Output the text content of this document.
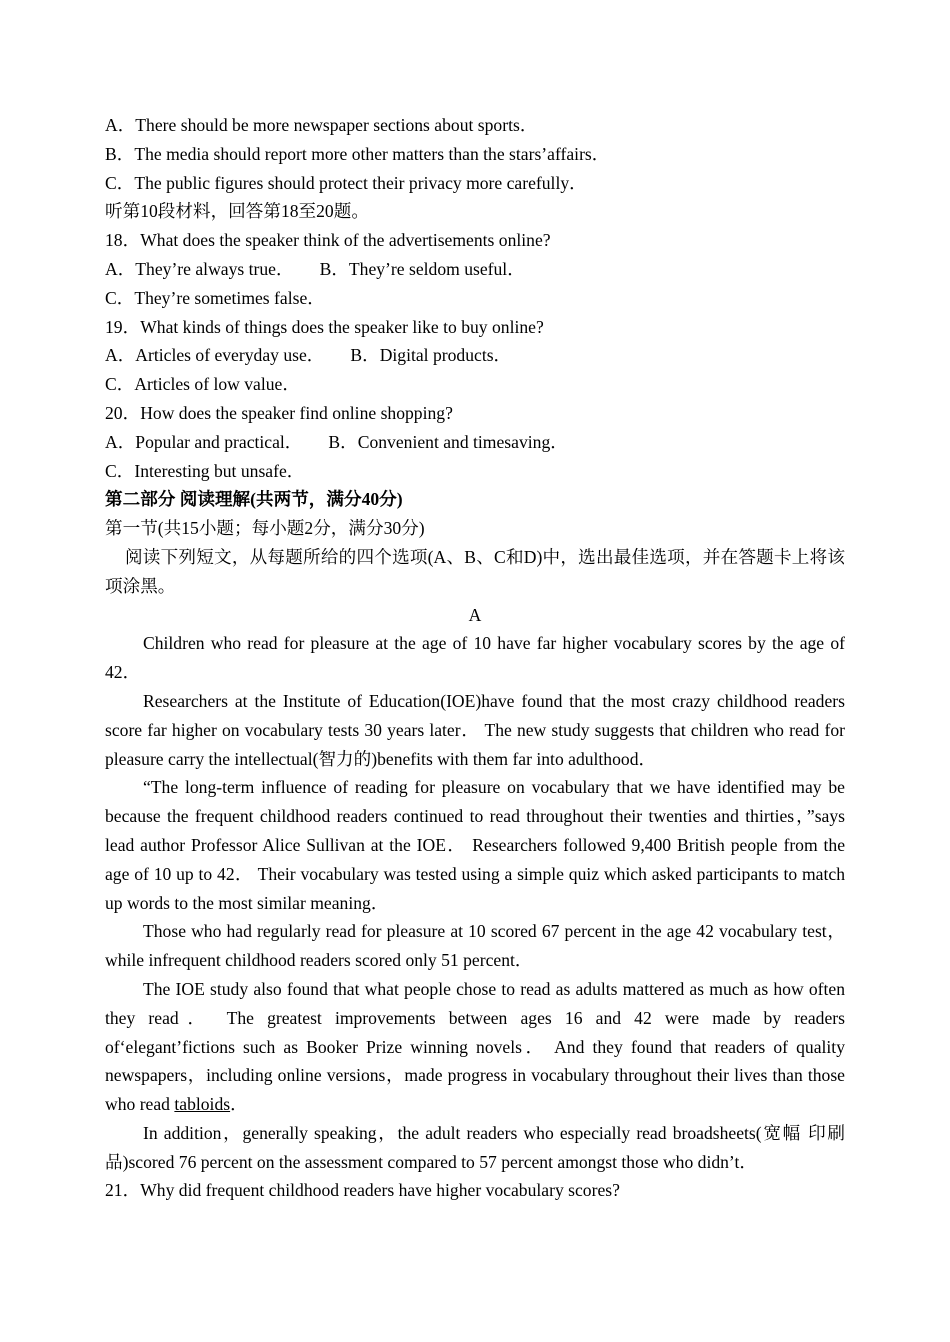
A．There should be more newspaper sections about sports．
B．The media should report more other matters than the stars’affairs．
C．The public figures should protect their privacy more carefully．
听第10段材料，回答第18至20题。
18．What does the speaker think of the advertisements online?
A．They’re always true． B．They’re seldom useful．
C．They’re sometimes false．
19．What kinds of things does the speaker like to buy online?
A．Articles of everyday use． B．Digital products．
C．Articles of low value．
20．How does the speaker find online shopping?
A．Popular and practical． B．Convenient and timesaving．
C．Interesting but unsafe．
第二部分 阅读理解(共两节，满分40分)
第一节(共15小题；每小题2分，满分30分)
阅读下列短文，从每题所给的四个选项(A、B、C和D)中，选出最佳选项，并在答题卡上将该项涂黑。
A
Children who read for pleasure at the age of 10 have far higher vocabulary scores by the age of 42．
Researchers at the Institute of Education(IOE)have found that the most crazy childhood readers score far higher on vocabulary tests 30 years later． The new study suggests that children who read for pleasure carry the intellectual(智力的)benefits with them far into adulthood．
“The long-term influence of reading for pleasure on vocabulary that we have identified may be because the frequent childhood readers continued to read throughout their twenties and thirties，”says lead author Professor Alice Sullivan at the IOE． Researchers followed 9,400 British people from the age of 10 up to 42． Their vocabulary was tested using a simple quiz which asked participants to match up words to the most similar meaning．
Those who had regularly read for pleasure at 10 scored 67 percent in the age 42 vocabulary test，while infrequent childhood readers scored only 51 percent．
The IOE study also found that what people chose to read as adults mattered as much as how often they read． The greatest improvements between ages 16 and 42 were made by readers of‘elegant’fictions such as Booker Prize winning novels． And they found that readers of quality newspapers，including online versions，made progress in vocabulary throughout their lives than those who read tabloids．
In addition，generally speaking，the adult readers who especially read broadsheets(宽幅 印刷品)scored 76 percent on the assessment compared to 57 percent amongst those who didn’t．
21．Why did frequent childhood readers have higher vocabulary scores?
